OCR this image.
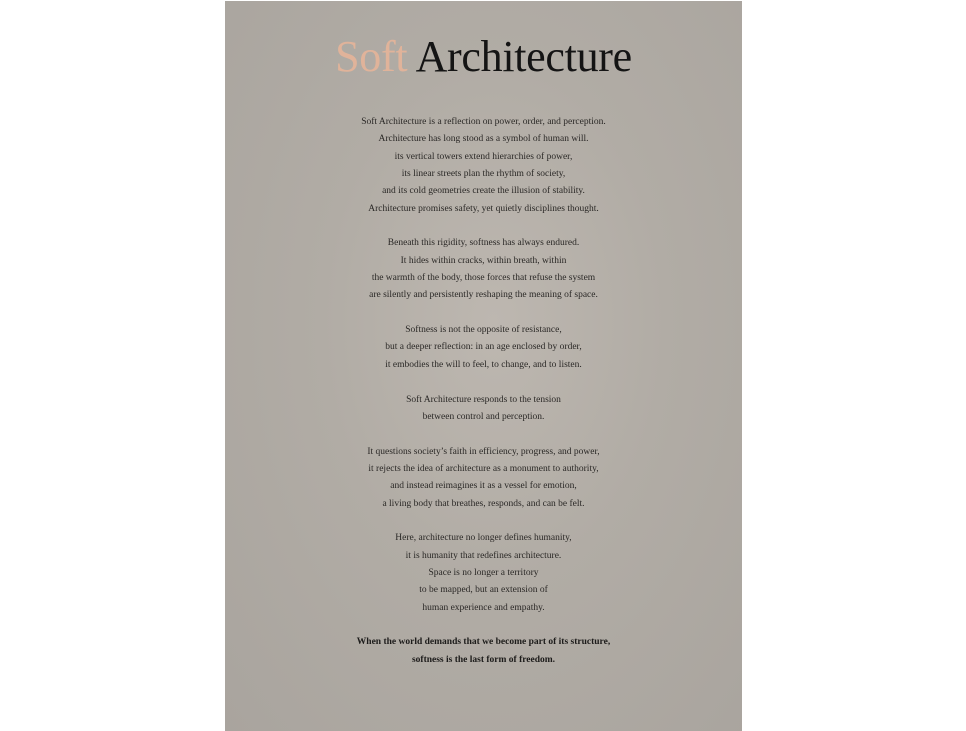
Soft Architecture
Soft Architecture is a reflection on power, order, and perception.
Architecture has long stood as a symbol of human will.
its vertical towers extend hierarchies of power,
its linear streets plan the rhythm of society,
and its cold geometries create the illusion of stability.
Architecture promises safety, yet quietly disciplines thought.
Beneath this rigidity, softness has always endured.
It hides within cracks, within breath, within
the warmth of the body, those forces that refuse the system
are silently and persistently reshaping the meaning of space.
Softness is not the opposite of resistance,
but a deeper reflection: in an age enclosed by order,
it embodies the will to feel, to change, and to listen.
Soft Architecture responds to the tension
between control and perception.
It questions society’s faith in efficiency, progress, and power,
it rejects the idea of architecture as a monument to authority,
and instead reimagines it as a vessel for emotion,
a living body that breathes, responds, and can be felt.
Here, architecture no longer defines humanity,
it is humanity that redefines architecture.
Space is no longer a territory
to be mapped, but an extension of
human experience and empathy.
When the world demands that we become part of its structure,
softness is the last form of freedom.
